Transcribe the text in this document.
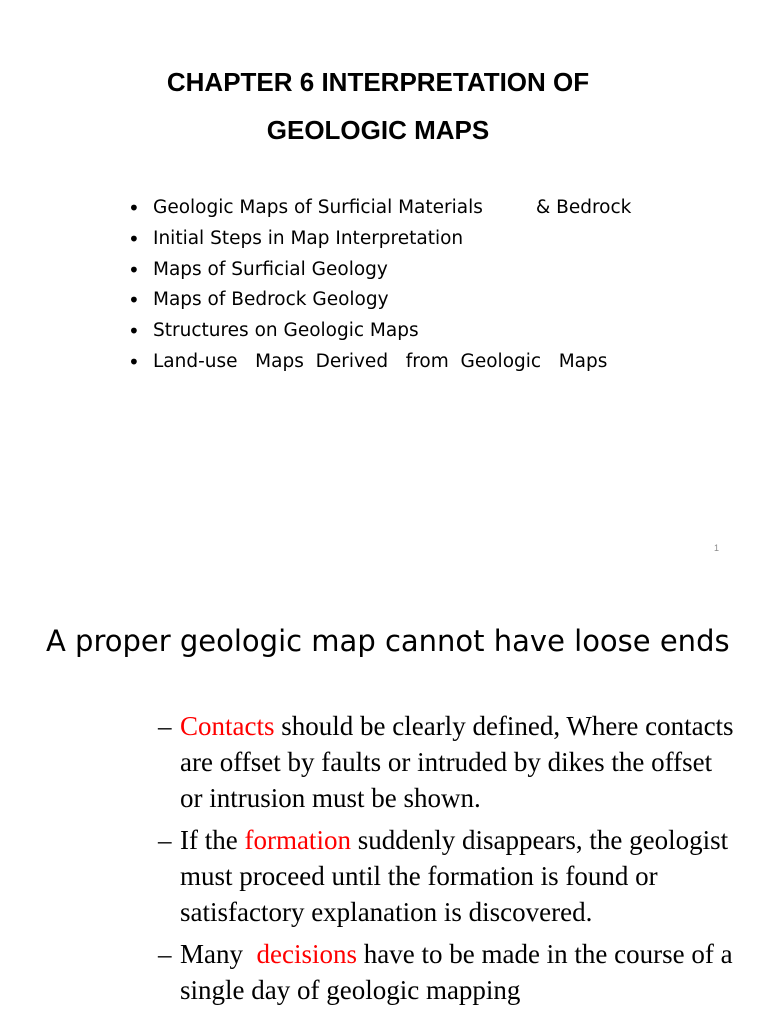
CHAPTER 6 INTERPRETATION OF
GEOLOGIC MAPS
• Geologic Maps of Surficial Materials         & Bedrock
• Initial Steps in Map Interpretation
• Maps of Surficial Geology
• Maps of Bedrock Geology
• Structures on Geologic Maps
• Land-use   Maps  Derived   from  Geologic   Maps
1
A proper geologic map cannot have loose ends
– Contacts should be clearly defined, Where contacts are offset by faults or intruded by dikes the offset or intrusion must be shown.
– If the formation suddenly disappears, the geologist must proceed until the formation is found or satisfactory explanation is discovered.
– Many  decisions have to be made in the course of a single day of geologic mapping
